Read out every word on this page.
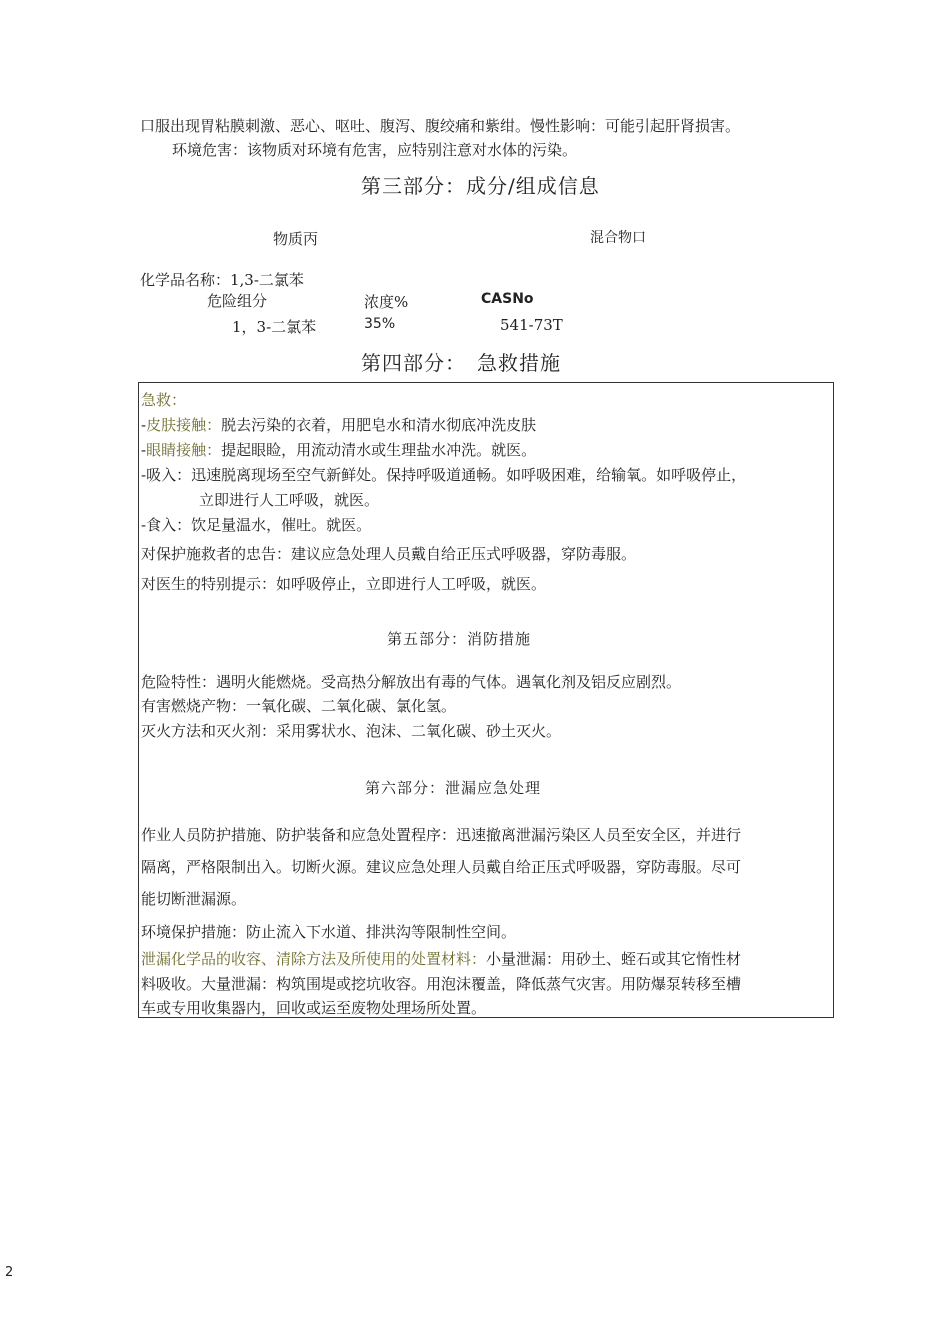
口服出现胃粘膜刺激、恶心、呕吐、腹泻、腹绞痛和紫绀。慢性影响：可能引起肝肾损害。
环境危害：该物质对环境有危害，应特别注意对水体的污染。
第三部分：成分/组成信息
物质丙	混合物口
化学品名称：1,3-二氯苯
危险组分	浓度%	CASNo
1，3-二氯苯	35%	541-73T
第四部分：　急救措施
急救：
-皮肤接触：脱去污染的衣着，用肥皂水和清水彻底冲洗皮肤
-眼睛接触：提起眼睑，用流动清水或生理盐水冲洗。就医。
-吸入：迅速脱离现场至空气新鲜处。保持呼吸道通畅。如呼吸困难，给输氧。如呼吸停止，
立即进行人工呼吸，就医。
-食入：饮足量温水，催吐。就医。
对保护施救者的忠告：建议应急处理人员戴自给正压式呼吸器，穿防毒服。
对医生的特别提示：如呼吸停止，立即进行人工呼吸，就医。
第五部分：消防措施
危险特性：遇明火能燃烧。受高热分解放出有毒的气体。遇氧化剂及铝反应剧烈。
有害燃烧产物：一氧化碳、二氧化碳、氯化氢。
灭火方法和灭火剂：采用雾状水、泡沫、二氧化碳、砂土灭火。
第六部分：泄漏应急处理
作业人员防护措施、防护装备和应急处置程序：迅速撤离泄漏污染区人员至安全区，并进行
隔离，严格限制出入。切断火源。建议应急处理人员戴自给正压式呼吸器，穿防毒服。尽可
能切断泄漏源。
环境保护措施：防止流入下水道、排洪沟等限制性空间。
泄漏化学品的收容、清除方法及所使用的处置材料：小量泄漏：用砂土、蛭石或其它惰性材
料吸收。大量泄漏：构筑围堤或挖坑收容。用泡沫覆盖，降低蒸气灾害。用防爆泵转移至槽
车或专用收集器内，回收或运至废物处理场所处置。
2
